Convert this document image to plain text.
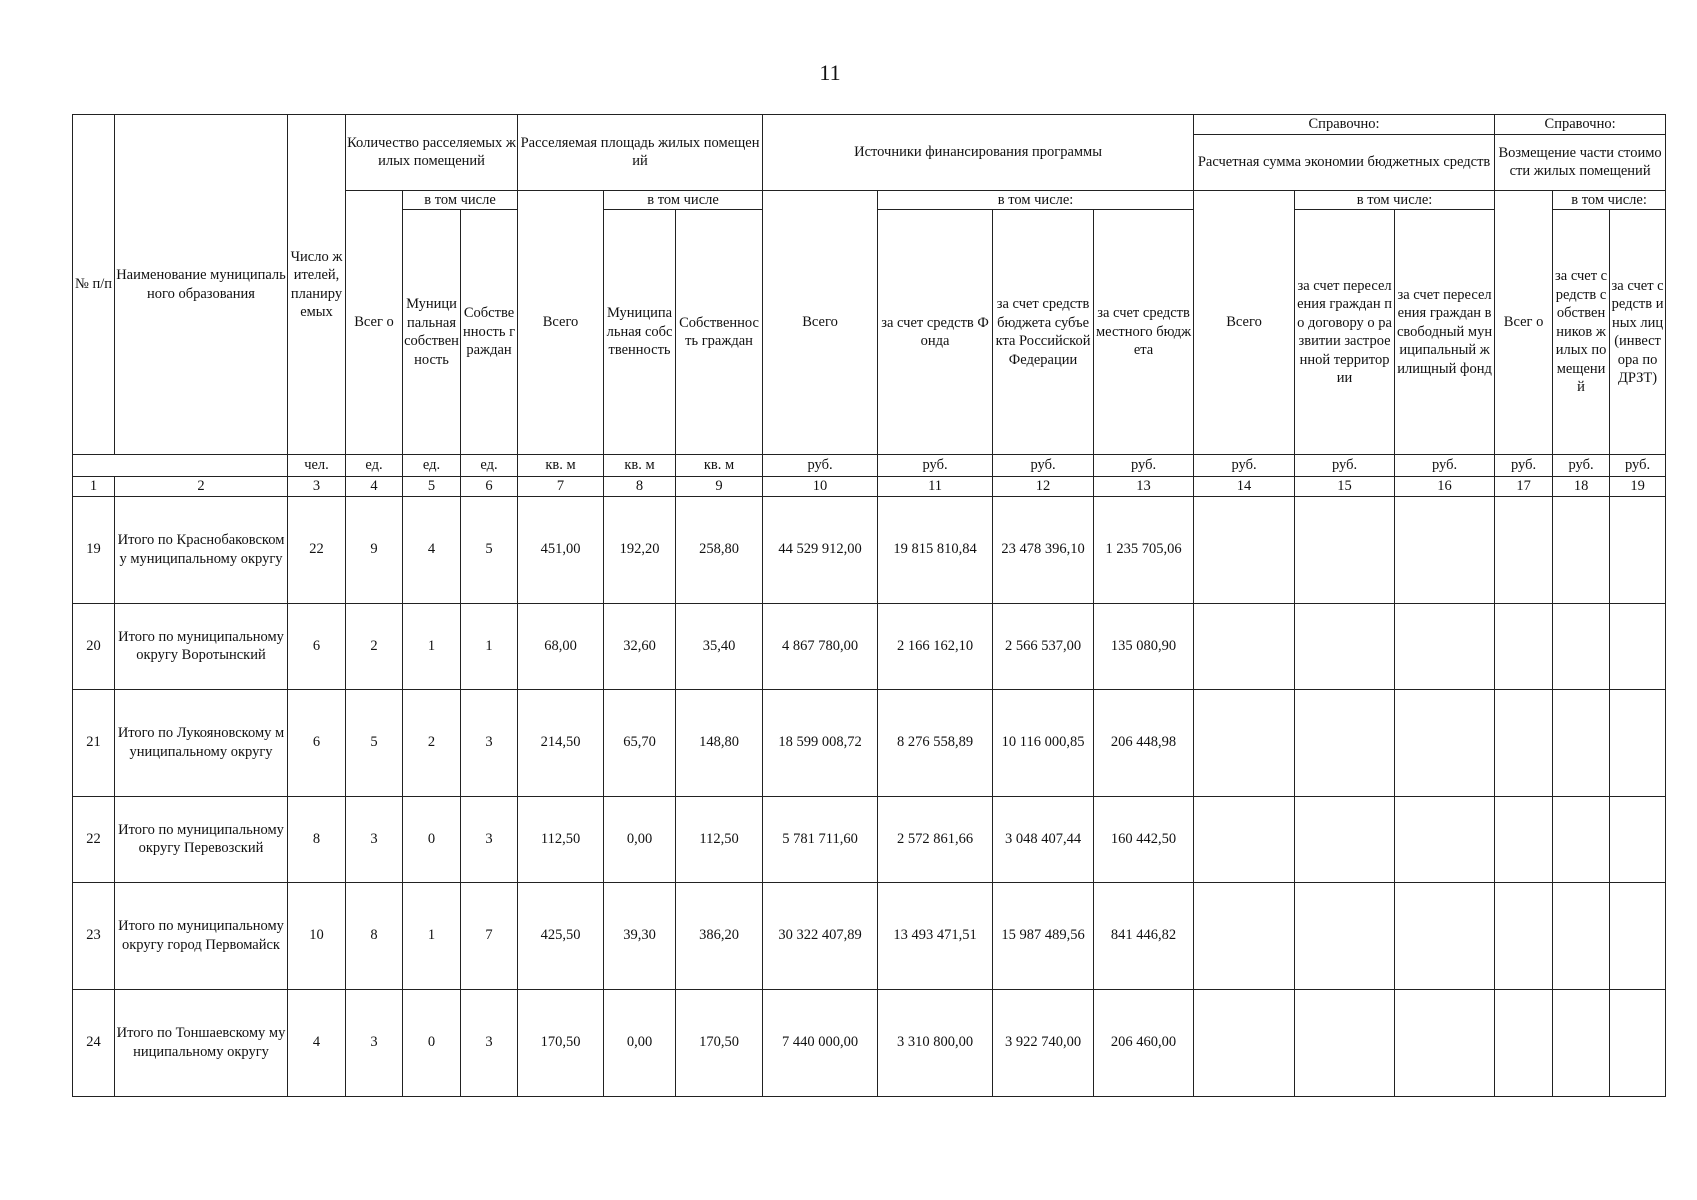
11
№ п/п	Наименование муниципального образования	Число жителей, планируемых	Количество расселяемых жилых помещений			Расселяемая площадь жилых помещений			Источники финансирования программы				Справочно:			Справочно:		
													Расчетная сумма экономии бюджетных средств			Возмещение части стоимости жилых помещений		
			Всег о	в том числе		Всего	в том числе		Всего	в том числе:			Всего	в том числе:		Всег о	в том числе:	
				Муниципальная собственность	Собственность граждан		Муниципальная собственность	Собственность граждан		за счет средств Фонда	за счет средств бюджета субъекта Российской Федерации	за счет средств местного бюджета		за счет переселения граждан по договору о развитии застроенной территории	за счет переселения граждан в свободный муниципальный жилищный фонд		за счет средств собственников жилых помещений	за счет средств иных лиц (инвестора по ДРЗТ)
		чел.	ед.	ед.	ед.	кв. м	кв. м	кв. м	руб.	руб.	руб.	руб.	руб.	руб.	руб.	руб.	руб.	руб.
1	2	3	4	5	6	7	8	9	10	11	12	13	14	15	16	17	18	19
19	Итого по Краснобаковскому муниципальному округу	22	9	4	5	451,00	192,20	258,80	44 529 912,00	19 815 810,84	23 478 396,10	1 235 705,06						
20	Итого по муниципальному округу Воротынский	6	2	1	1	68,00	32,60	35,40	4 867 780,00	2 166 162,10	2 566 537,00	135 080,90						
21	Итого по Лукояновскому муниципальному округу	6	5	2	3	214,50	65,70	148,80	18 599 008,72	8 276 558,89	10 116 000,85	206 448,98						
22	Итого по муниципальному округу Перевозский	8	3	0	3	112,50	0,00	112,50	5 781 711,60	2 572 861,66	3 048 407,44	160 442,50						
23	Итого по муниципальному округу город Первомайск	10	8	1	7	425,50	39,30	386,20	30 322 407,89	13 493 471,51	15 987 489,56	841 446,82						
24	Итого по Тоншаевскому муниципальному округу	4	3	0	3	170,50	0,00	170,50	7 440 000,00	3 310 800,00	3 922 740,00	206 460,00						
